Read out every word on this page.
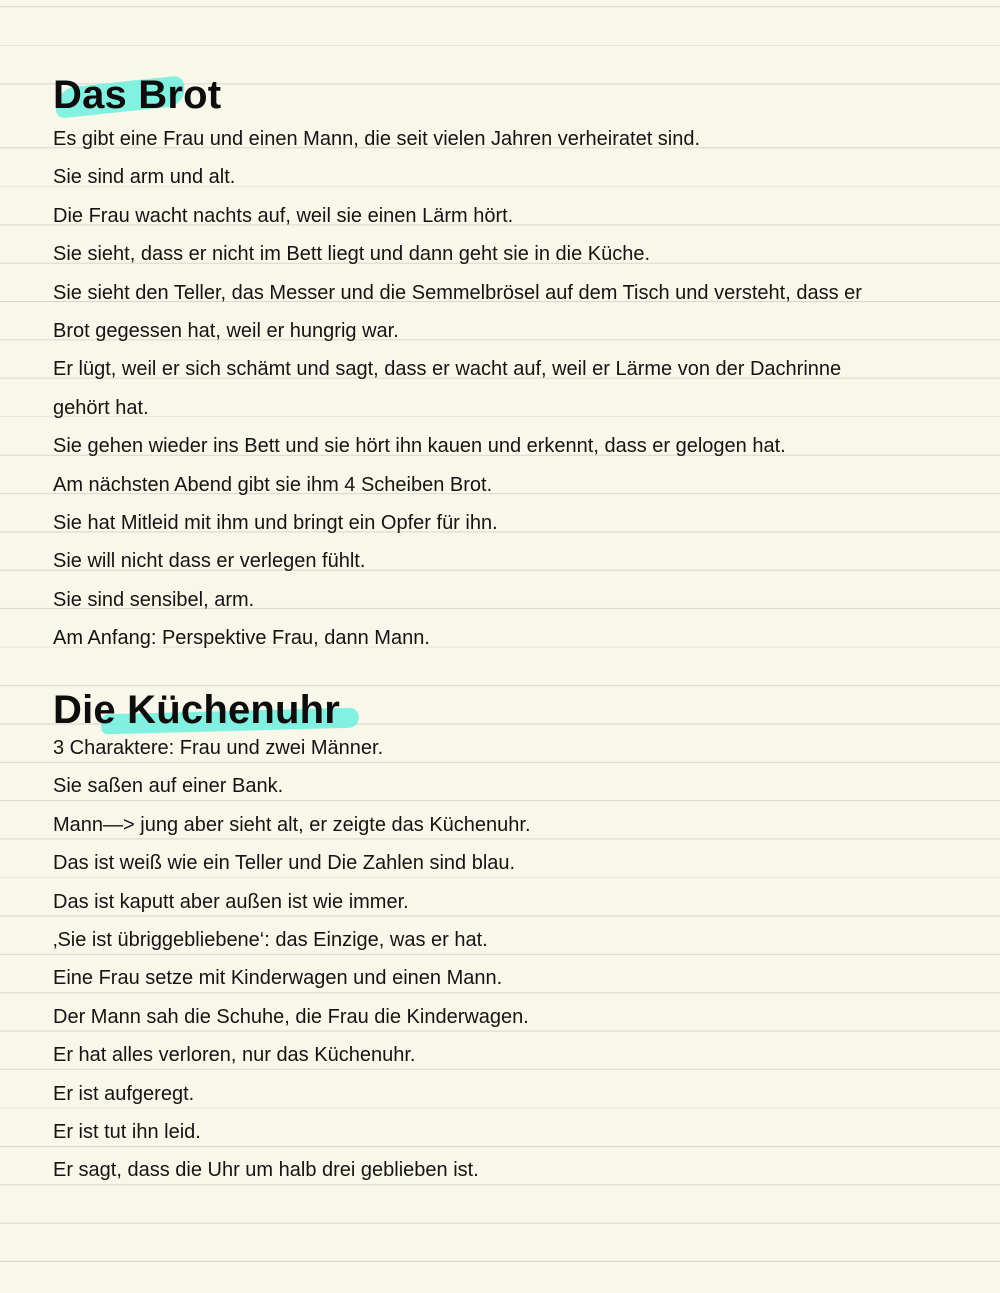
Das Brot
Es gibt eine Frau und einen Mann, die seit vielen Jahren verheiratet sind.
Sie sind arm und alt.
Die Frau wacht nachts auf, weil sie einen Lärm hört.
Sie sieht, dass er nicht im Bett liegt und dann geht sie in die Küche.
Sie sieht den Teller, das Messer und die Semmelbrösel auf dem Tisch und versteht, dass er
Brot gegessen hat, weil er hungrig war.
Er lügt, weil er sich schämt und sagt, dass er wacht auf, weil er Lärme von der Dachrinne
gehört hat.
Sie gehen wieder ins Bett und sie hört ihn kauen und erkennt, dass er gelogen hat.
Am nächsten Abend gibt sie ihm 4 Scheiben Brot.
Sie hat Mitleid mit ihm und bringt ein Opfer für ihn.
Sie will nicht dass er verlegen fühlt.
Sie sind sensibel, arm.
Am Anfang: Perspektive Frau, dann Mann.
Die Küchenuhr
3 Charaktere: Frau und zwei Männer.
Sie saßen auf einer Bank.
Mann—> jung aber sieht alt, er zeigte das Küchenuhr.
Das ist weiß wie ein Teller und Die Zahlen sind blau.
Das ist kaputt aber außen ist wie immer.
‚Sie ist übriggebliebene‘: das Einzige, was er hat.
Eine Frau setze mit Kinderwagen und einen Mann.
Der Mann sah die Schuhe, die Frau die Kinderwagen.
Er hat alles verloren, nur das Küchenuhr.
Er ist aufgeregt.
Er ist tut ihn leid.
Er sagt, dass die Uhr um halb drei geblieben ist.
